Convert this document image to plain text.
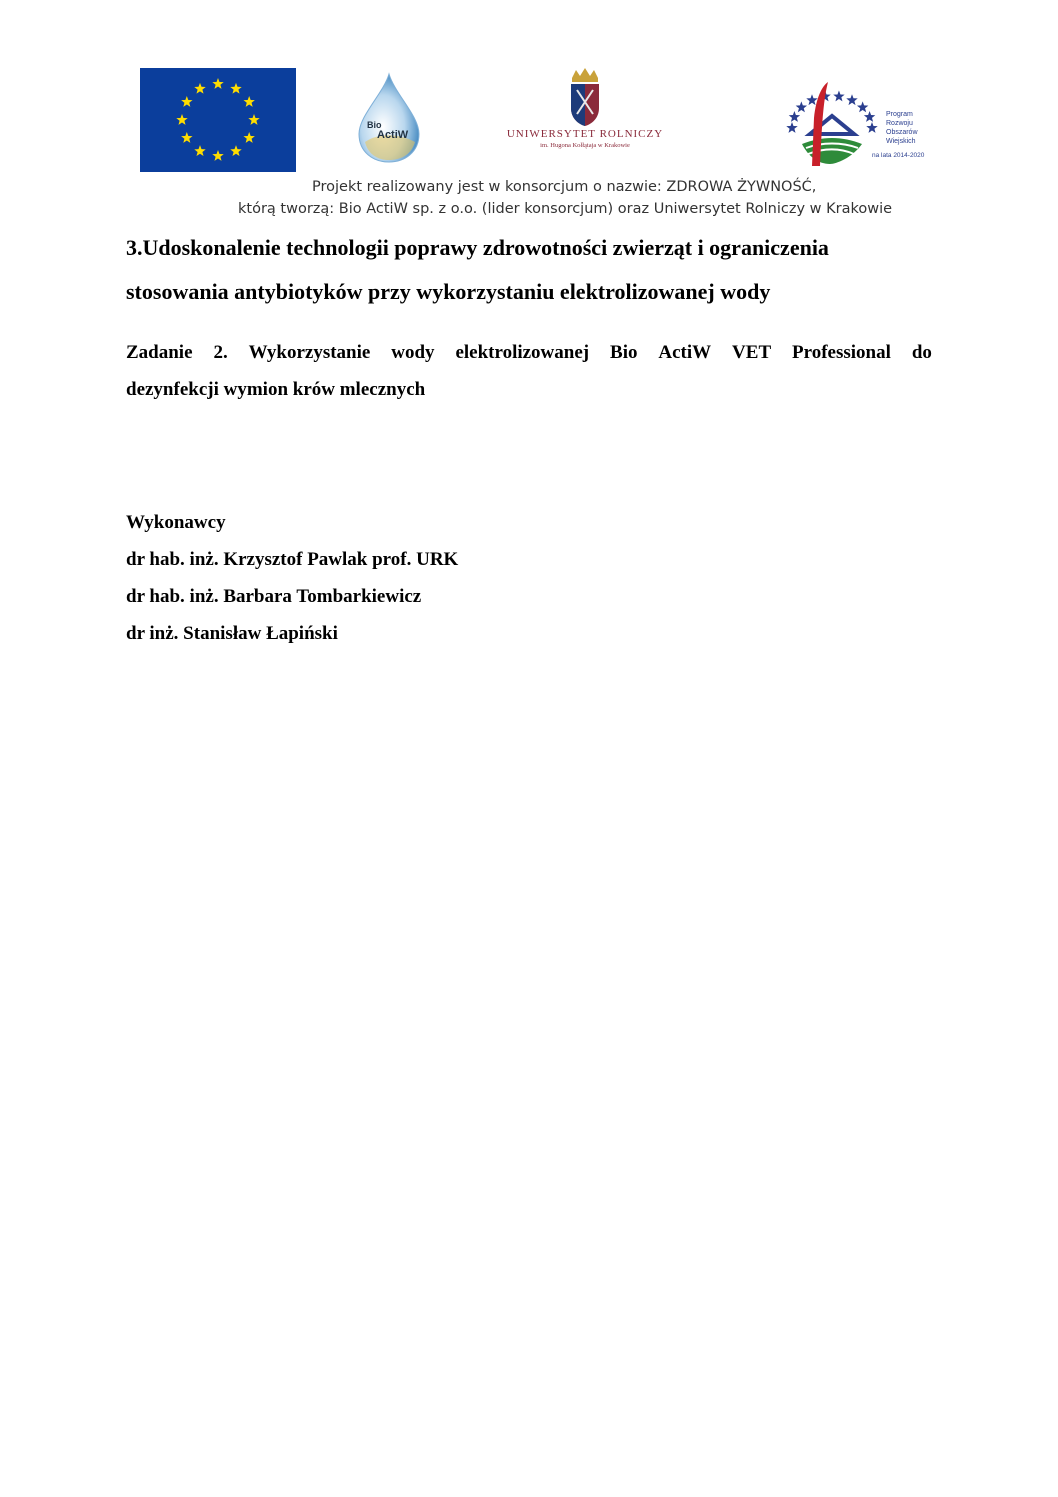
Bio
ActiW	UNIWERSYTET ROLNICZY
im. Hugona Kołłątaja w Krakowie
Program
Rozwoju
Obszarów
Wiejskich
na lata 2014-2020
Projekt realizowany jest w konsorcjum o nazwie: ZDROWA ŻYWNOŚĆ,
którą tworzą: Bio ActiW sp. z o.o. (lider konsorcjum) oraz Uniwersytet Rolniczy w Krakowie
3.Udoskonalenie technologii poprawy zdrowotności zwierząt i ograniczenia
stosowania antybiotyków przy wykorzystaniu elektrolizowanej wody
Zadanie 2. Wykorzystanie wody elektrolizowanej Bio ActiW VET Professional do
dezynfekcji wymion krów mlecznych
Wykonawcy
dr hab. inż. Krzysztof Pawlak prof. URK
dr hab. inż. Barbara Tombarkiewicz
dr inż. Stanisław Łapiński
